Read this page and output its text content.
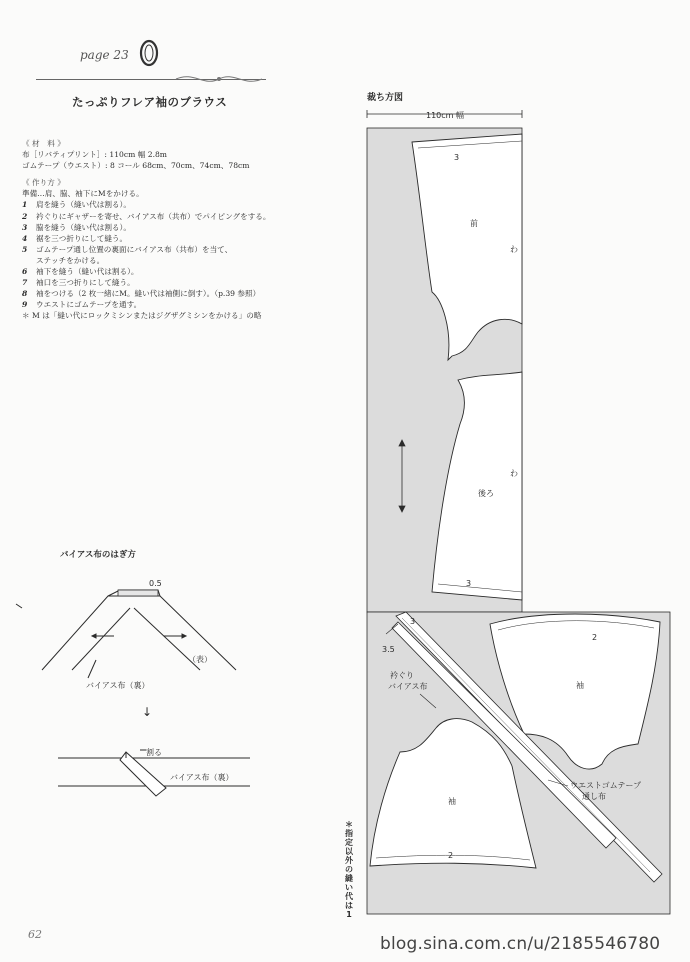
page 23
たっぷりフレア袖のブラウス
《 材　料 》
布［リバティプリント］: 110cm 幅 2.8m
ゴムテープ（ウエスト）: 8 コール 68cm、70cm、74cm、78cm
《 作り方 》
準備…肩、脇、袖下にMをかける。
1 肩を縫う（縫い代は割る）。
2 衿ぐりにギャザーを寄せ、バイアス布（共布）でパイピングをする。
3 脇を縫う（縫い代は割る）。
4 裾を三つ折りにして縫う。
5 ゴムテープ通し位置の裏面にバイアス布（共布）を当て、
ステッチをかける。
6 袖下を縫う（縫い代は割る）。
7 袖口を三つ折りにして縫う。
8 袖をつける（2 枚一緒にM。縫い代は袖側に倒す）。（p.39 参照）
9 ウエストにゴムテープを通す。
＊ M は「縫い代にロックミシンまたはジグザグミシンをかける」の略
バイアス布のはぎ方
0.5
（表）
バイアス布（裏）
↓
割る
バイアス布（裏）
裁ち方図
110cm 幅
前
わ
3
後ろ
わ
3
2
袖
袖
2
3
3.5
衿ぐり
バイアス布
ウエストゴムテープ
通し布
＊指定以外の縫い代は1
62	blog.sina.com.cn/u/2185546780
